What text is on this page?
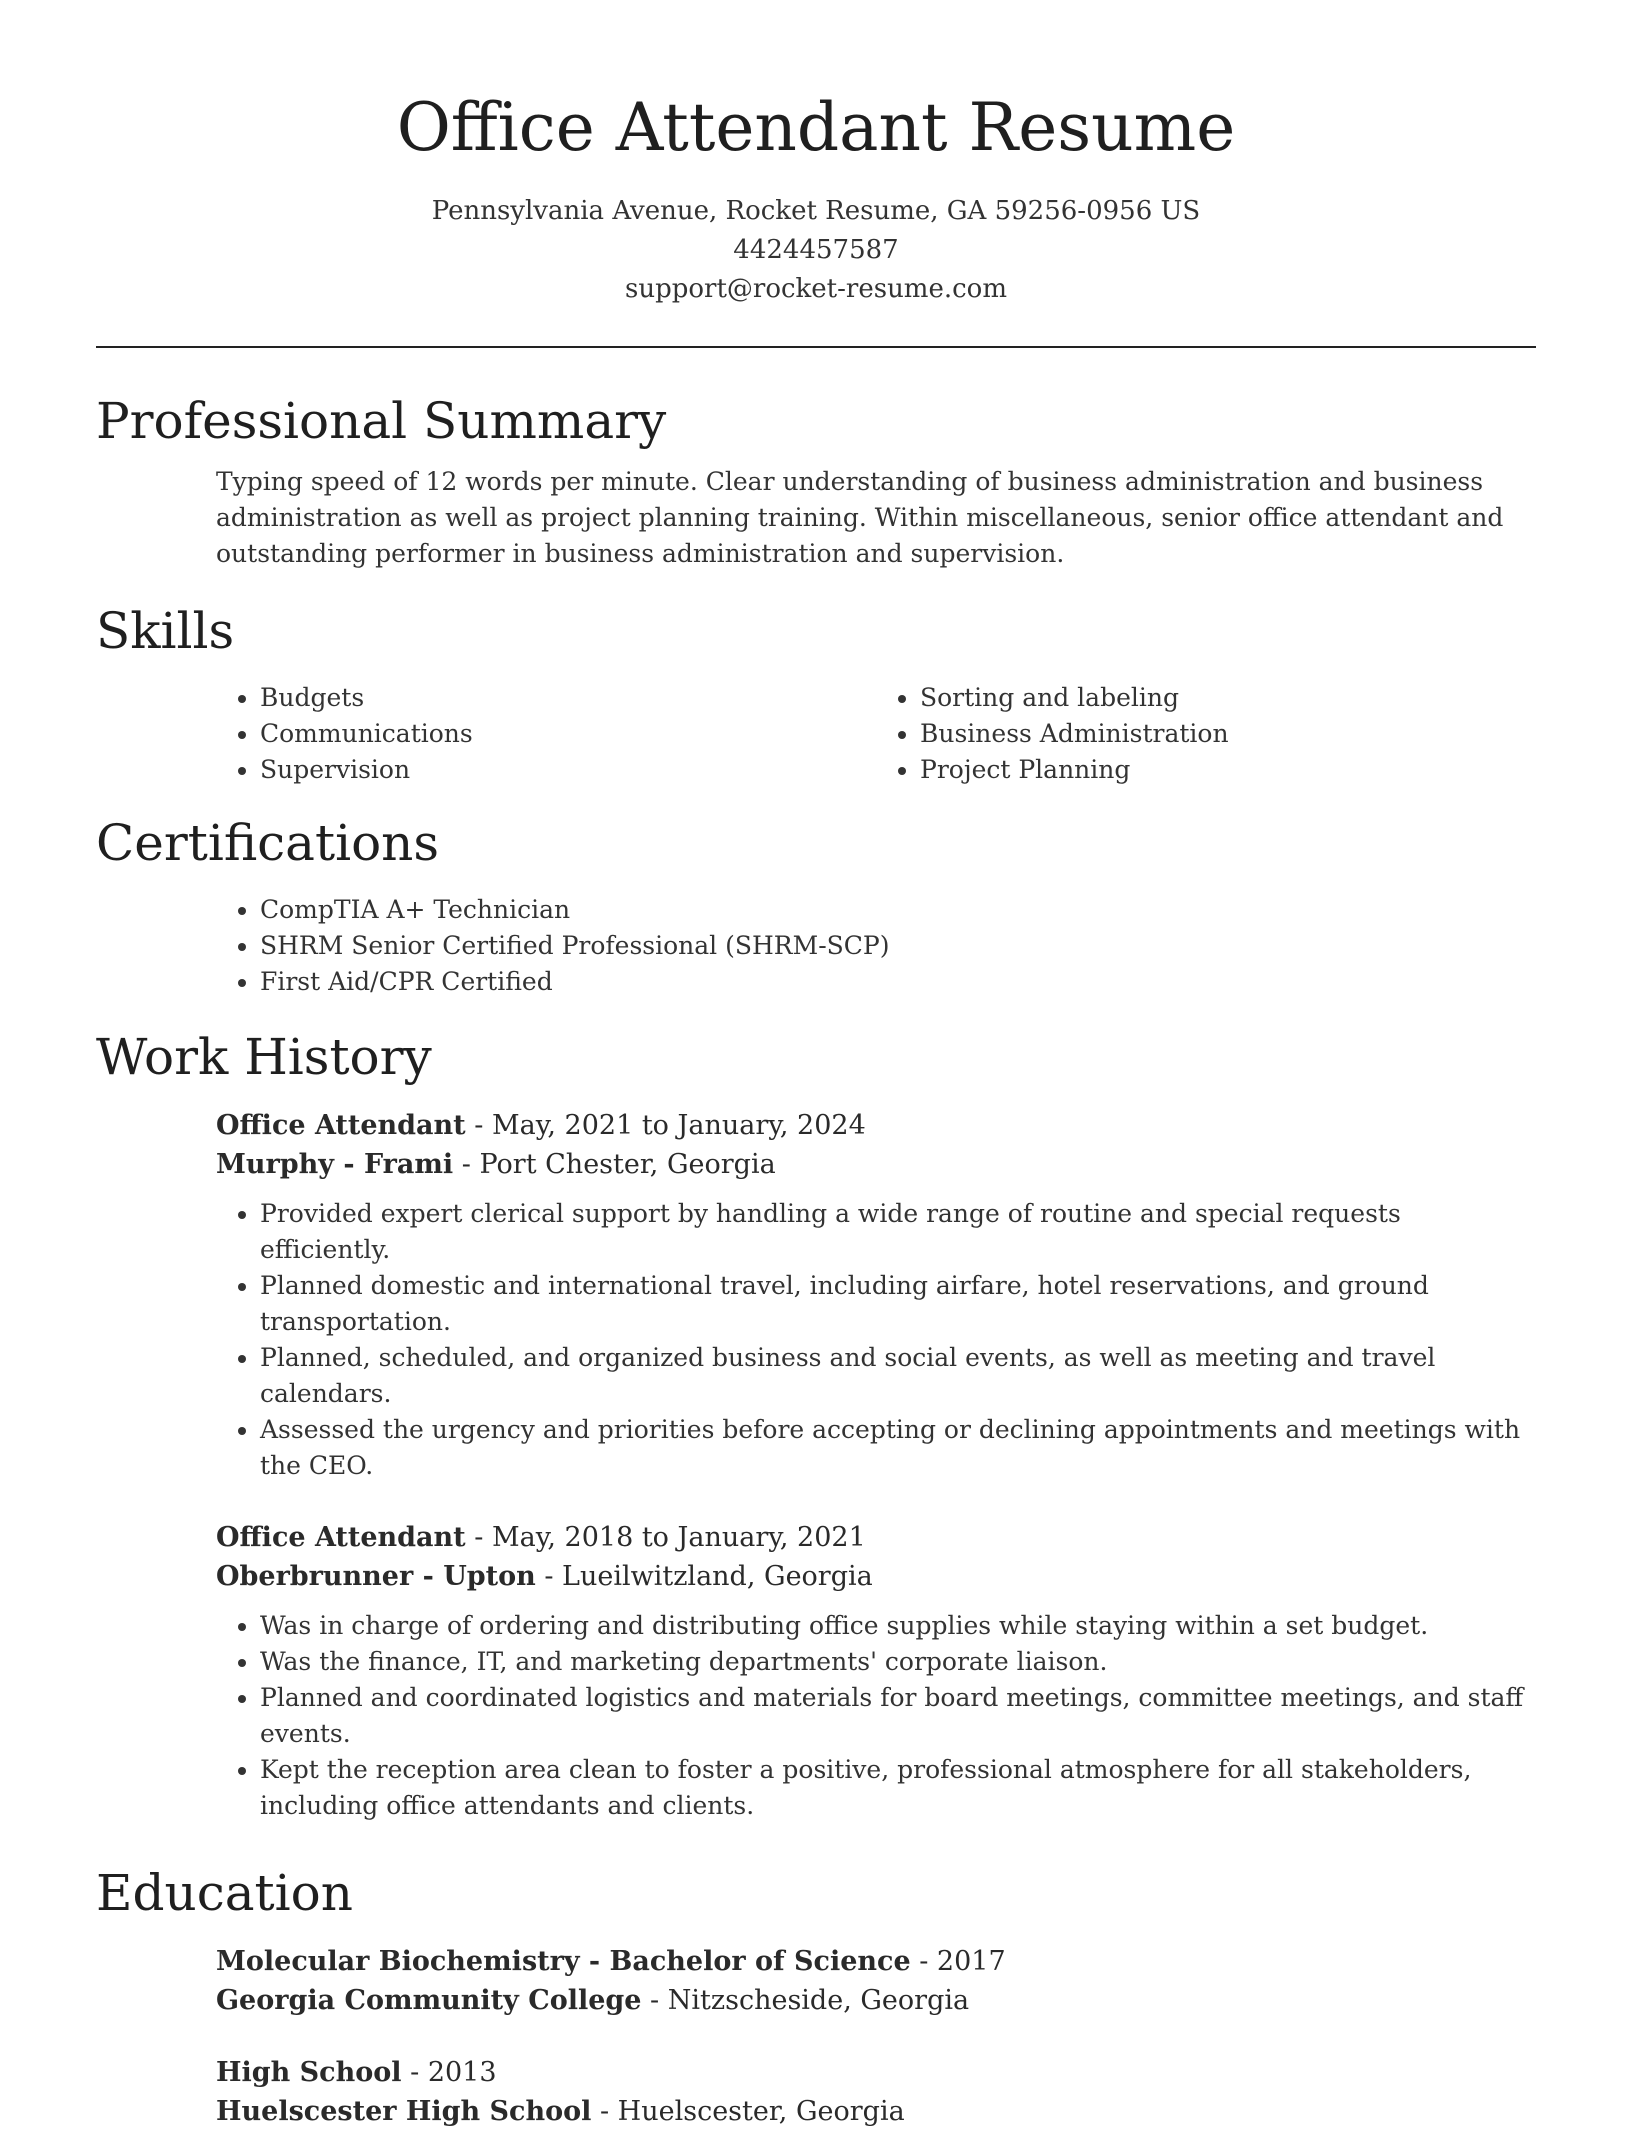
Office Attendant Resume
Pennsylvania Avenue, Rocket Resume, GA 59256-0956 US
4424457587
support@rocket-resume.com
Professional Summary

Typing speed of 12 words per minute. Clear understanding of business administration and business administration as well as project planning training. Within miscellaneous, senior office attendant and outstanding performer in business administration and supervision.

Skills
• Budgets
• Communications
• Supervision
• Sorting and labeling
• Business Administration
• Project Planning
Certifications
• CompTIA A+ Technician
• SHRM Senior Certified Professional (SHRM-SCP)
• First Aid/CPR Certified
Work History
Office Attendant - May, 2021 to January, 2024
Murphy - Frami - Port Chester, Georgia
• Provided expert clerical support by handling a wide range of routine and special requests efficiently.
• Planned domestic and international travel, including airfare, hotel reservations, and ground transportation.
• Planned, scheduled, and organized business and social events, as well as meeting and travel calendars.
• Assessed the urgency and priorities before accepting or declining appointments and meetings with the CEO.
Office Attendant - May, 2018 to January, 2021
Oberbrunner - Upton - Lueilwitzland, Georgia
• Was in charge of ordering and distributing office supplies while staying within a set budget.
• Was the finance, IT, and marketing departments' corporate liaison.
• Planned and coordinated logistics and materials for board meetings, committee meetings, and staff events.
• Kept the reception area clean to foster a positive, professional atmosphere for all stakeholders, including office attendants and clients.
Education
Molecular Biochemistry - Bachelor of Science - 2017
Georgia Community College - Nitzscheside, Georgia
High School - 2013
Huelscester High School - Huelscester, Georgia
